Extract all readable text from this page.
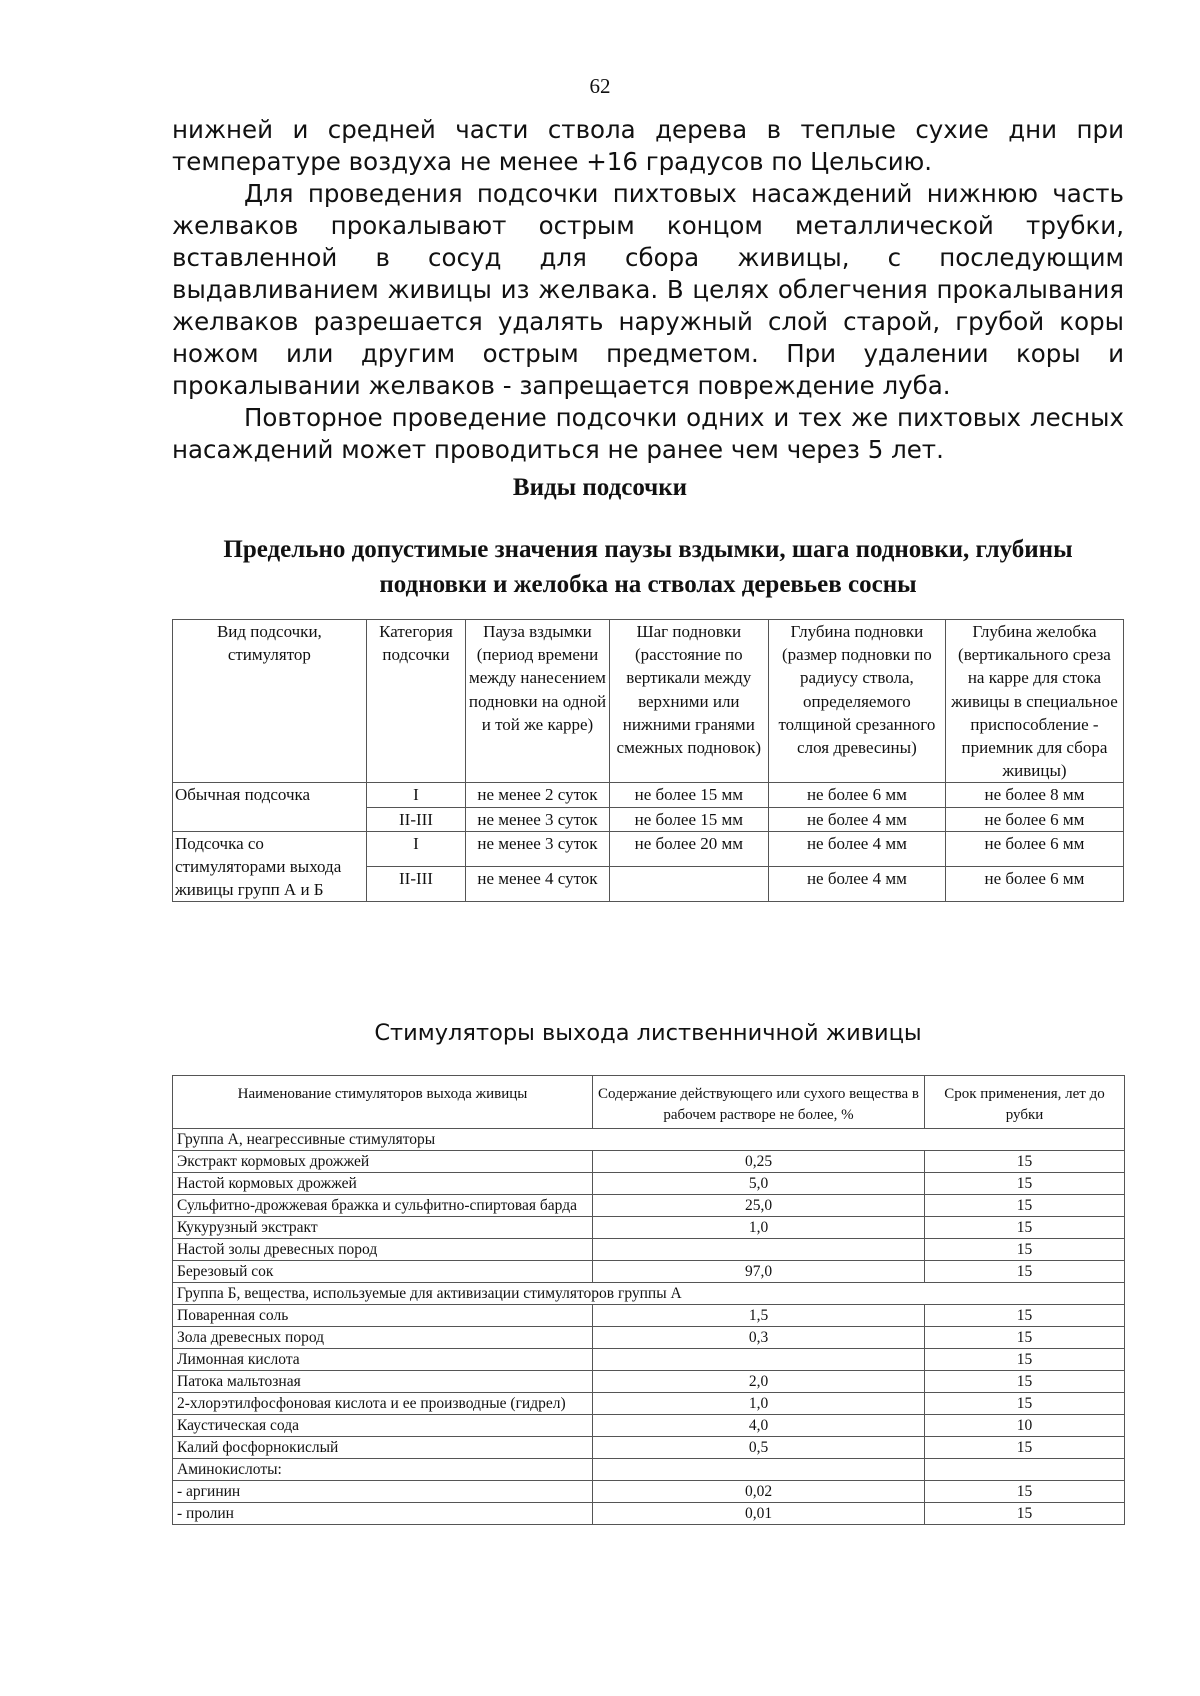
62

нижней и средней части ствола дерева в теплые сухие дни при температуре воздуха не менее +16 градусов по Цельсию.

Для проведения подсочки пихтовых насаждений нижнюю часть желваков прокалывают острым концом металлической трубки, вставленной в сосуд для сбора живицы, с последующим выдавливанием живицы из желвака. В целях облегчения прокалывания желваков разрешается удалять наружный слой старой, грубой коры ножом или другим острым предметом. При удалении коры и прокалывании желваков - запрещается повреждение луба.

Повторное проведение подсочки одних и тех же пихтовых лесных насаждений может проводиться не ранее чем через 5 лет.

Виды подсочки
Предельно допустимые значения паузы вздымки, шага подновки, глубины подновки и желобка на стволах деревьев сосны
Вид подсочки, стимулятор	Категория подсочки	Пауза вздымки (период времени между нанесением подновки на одной и той же карре)	Шаг подновки (расстояние по вертикали между верхними или нижними гранями смежных подновок)	Глубина подновки (размер подновки по радиусу ствола, определяемого толщиной срезанного слоя древесины)	Глубина желобка (вертикального среза на карре для стока живицы в специальное приспособление - приемник для сбора живицы)
Обычная подсочка	I	не менее 2 суток	не более 15 мм	не более 6 мм	не более 8 мм
	II-III	не менее 3 суток	не более 15 мм	не более 4 мм	не более 6 мм
Подсочка со стимуляторами выхода живицы групп А и Б	I	не менее 3 суток	не более 20 мм	не более 4 мм	не более 6 мм
	II-III	не менее 4 суток		не более 4 мм	не более 6 мм
Стимуляторы выхода лиственничной живицы
Наименование стимуляторов выхода живицы	Содержание действующего или сухого вещества в рабочем растворе не более, %	Срок применения, лет до рубки
Группа А, неагрессивные стимуляторы		
Экстракт кормовых дрожжей	0,25	15
Настой кормовых дрожжей	5,0	15
Сульфитно-дрожжевая бражка и сульфитно-спиртовая барда	25,0	15
Кукурузный экстракт	1,0	15
Настой золы древесных пород		15
Березовый сок	97,0	15
Группа Б, вещества, используемые для активизации стимуляторов группы А		
Поваренная соль	1,5	15
Зола древесных пород	0,3	15
Лимонная кислота		15
Патока мальтозная	2,0	15
2-хлорэтилфосфоновая кислота и ее производные (гидрел)	1,0	15
Каустическая сода	4,0	10
Калий фосфорнокислый	0,5	15
Аминокислоты:		
- аргинин	0,02	15
- пролин	0,01	15
